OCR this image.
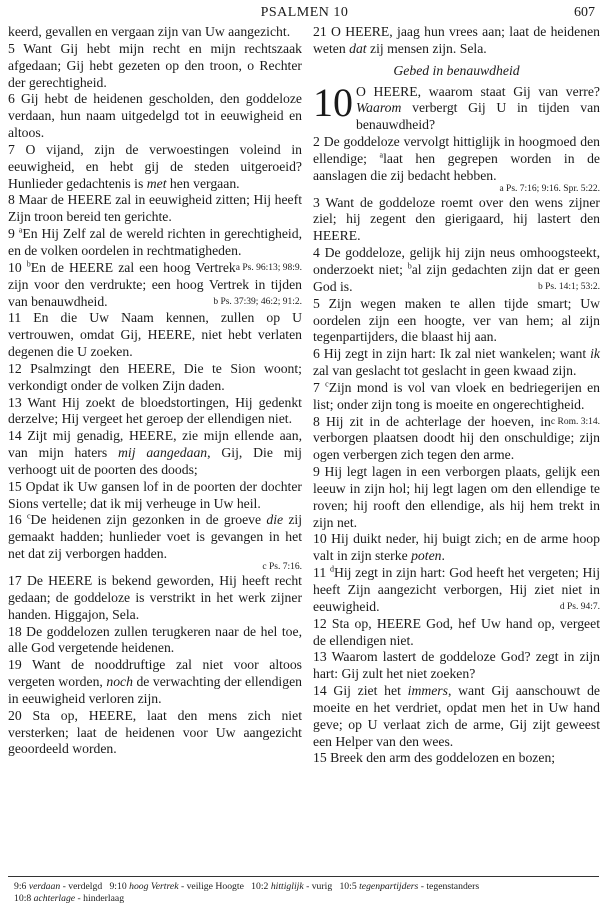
PSALMEN 10	607

keerd, gevallen en vergaan zijn van Uw aangezicht.

5 Want Gij hebt mijn recht en mijn rechtszaak afgedaan; Gij hebt gezeten op den troon, o Rechter der gerechtigheid.

6 Gij hebt de heidenen gescholden, den goddeloze verdaan, hun naam uitgedelgd tot in eeuwigheid en altoos.

7 O vijand, zijn de verwoestingen voleind in eeuwigheid, en hebt gij de steden uitgeroeid? Hunlieder gedachtenis is met hen vergaan.

8 Maar de HEERE zal in eeuwigheid zitten; Hij heeft Zijn troon bereid ten gerichte.

9 $^a$En Hij Zelf zal de wereld richten in gerechtigheid, en de volken oordelen in rechtmatigheden.
a Ps. 96:13; 98:9.

10 $^b$En de HEERE zal een hoog Vertrek zijn voor den verdrukte; een hoog Vertrek in tijden van benauwdheid.	b Ps. 37:39; 46:2; 91:2.

11 En die Uw Naam kennen, zullen op U vertrouwen, omdat Gij, HEERE, niet hebt verlaten degenen die U zoeken.

12 Psalmzingt den HEERE, Die te Sion woont; verkondigt onder de volken Zijn daden.

13 Want Hij zoekt de bloedstortingen, Hij gedenkt derzelve; Hij vergeet het geroep der ellendigen niet.

14 Zijt mij genadig, HEERE, zie mijn ellende aan, van mijn haters mij aangedaan, Gij, Die mij verhoogt uit de poorten des doods;

15 Opdat ik Uw gansen lof in de poorten der dochter Sions vertelle; dat ik mij verheuge in Uw heil.

16 $^c$De heidenen zijn gezonken in de groeve die zij gemaakt hadden; hunlieder voet is gevangen in het net dat zij verborgen hadden.

c Ps. 7:16.

17 De HEERE is bekend geworden, Hij heeft recht gedaan; de goddeloze is verstrikt in het werk zijner handen. Higgajon, Sela.

18 De goddelozen zullen terugkeren naar de hel toe, alle God vergetende heidenen.

19 Want de nooddruftige zal niet voor altoos vergeten worden, noch de verwachting der ellendigen in eeuwigheid verloren zijn.

20 Sta op, HEERE, laat den mens zich niet versterken; laat de heidenen voor Uw aangezicht geoordeeld worden.

21 O HEERE, jaag hun vrees aan; laat de heidenen weten dat zij mensen zijn. Sela.

Gebed in benauwdheid

10 O HEERE, waarom staat Gij van verre? Waarom verbergt Gij U in tijden van benauwdheid?

2 De goddeloze vervolgt hittiglijk in hoogmoed den ellendige; $^a$laat hen gegrepen worden in de aanslagen die zij bedacht hebben.

a Ps. 7:16; 9:16. Spr. 5:22.

3 Want de goddeloze roemt over den wens zijner ziel; hij zegent den gierigaard, hij lastert den HEERE.

4 De goddeloze, gelijk hij zijn neus omhoogsteekt, onderzoekt niet; $^b$al zijn gedachten zijn dat er geen God is.	b Ps. 14:1; 53:2.

5 Zijn wegen maken te allen tijde smart; Uw oordelen zijn een hoogte, ver van hem; al zijn tegenpartijders, die blaast hij aan.

6 Hij zegt in zijn hart: Ik zal niet wankelen; want ik zal van geslacht tot geslacht in geen kwaad zijn.

7 $^c$Zijn mond is vol van vloek en bedriegerijen en list; onder zijn tong is moeite en ongerechtigheid.
c Rom. 3:14.

8 Hij zit in de achterlage der hoeven, in verborgen plaatsen doodt hij den onschuldige; zijn ogen verbergen zich tegen den arme.

9 Hij legt lagen in een verborgen plaats, gelijk een leeuw in zijn hol; hij legt lagen om den ellendige te roven; hij rooft den ellendige, als hij hem trekt in zijn net.

10 Hij duikt neder, hij buigt zich; en de arme hoop valt in zijn sterke poten.

11 $^d$Hij zegt in zijn hart: God heeft het vergeten; Hij heeft Zijn aangezicht verborgen, Hij ziet niet in eeuwigheid.	d Ps. 94:7.

12 Sta op, HEERE God, hef Uw hand op, vergeet de ellendigen niet.

13 Waarom lastert de goddeloze God? zegt in zijn hart: Gij zult het niet zoeken?

14 Gij ziet het immers, want Gij aanschouwt de moeite en het verdriet, opdat men het in Uw hand geve; op U verlaat zich de arme, Gij zijt geweest een Helper van den wees.

15 Breek den arm des goddelozen en bozen;

9:6 verdaan - verdelgd 9:10 hoog Vertrek - veilige Hoogte 10:2 hittiglijk - vurig 10:5 tegenpartijders - tegenstanders
10:8 achterlage - hinderlaag
